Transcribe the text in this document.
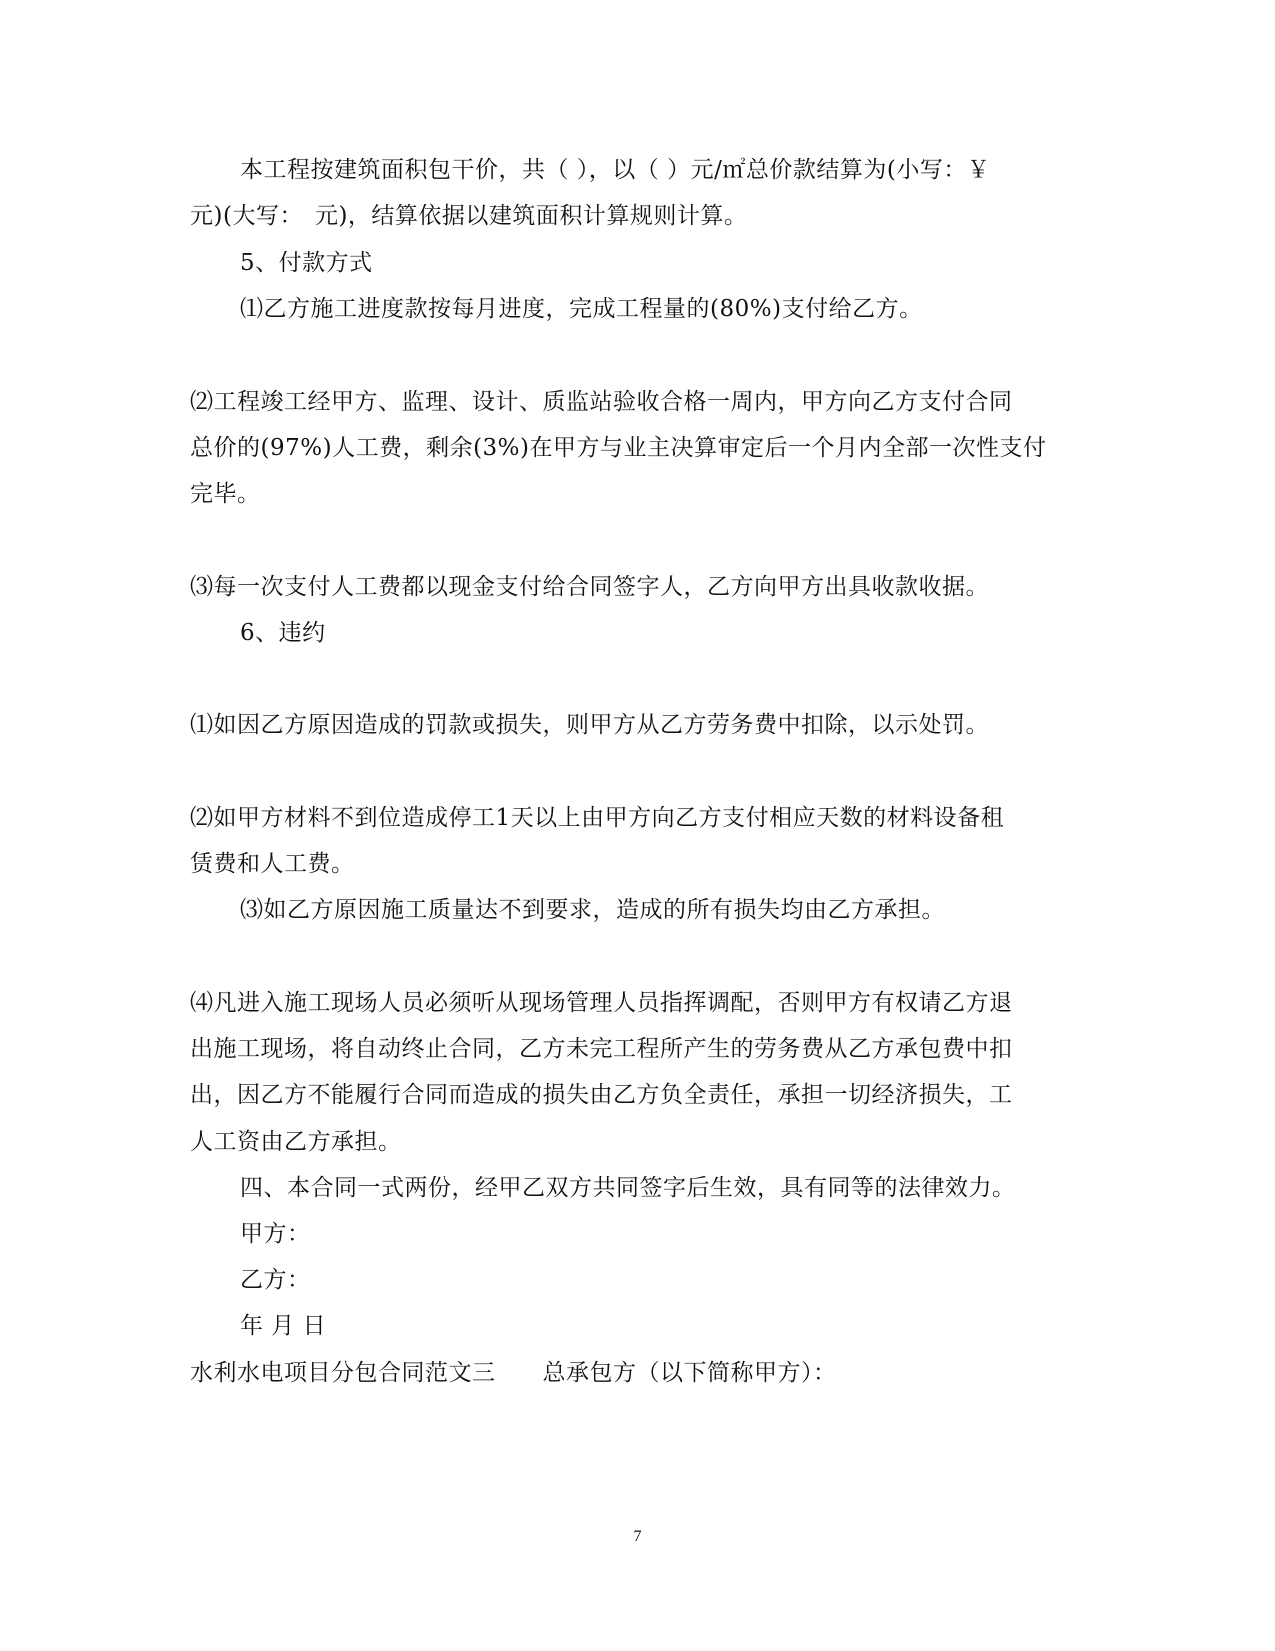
本工程按建筑面积包干价，共（ ），以（ ）元/㎡总价款结算为(小写：￥
元)(大写：　元)，结算依据以建筑面积计算规则计算。
5、付款方式
⑴乙方施工进度款按每月进度，完成工程量的(80%)支付给乙方。
⑵工程竣工经甲方、监理、设计、质监站验收合格一周内，甲方向乙方支付合同
总价的(97%)人工费，剩余(3%)在甲方与业主决算审定后一个月内全部一次性支付
完毕。
⑶每一次支付人工费都以现金支付给合同签字人，乙方向甲方出具收款收据。
6、违约
⑴如因乙方原因造成的罚款或损失，则甲方从乙方劳务费中扣除，以示处罚。
⑵如甲方材料不到位造成停工1天以上由甲方向乙方支付相应天数的材料设备租
赁费和人工费。
⑶如乙方原因施工质量达不到要求，造成的所有损失均由乙方承担。
⑷凡进入施工现场人员必须听从现场管理人员指挥调配，否则甲方有权请乙方退
出施工现场，将自动终止合同，乙方未完工程所产生的劳务费从乙方承包费中扣
出，因乙方不能履行合同而造成的损失由乙方负全责任，承担一切经济损失，工
人工资由乙方承担。
四、本合同一式两份，经甲乙双方共同签字后生效，具有同等的法律效力。
甲方：
乙方：
年 月 日
水利水电项目分包合同范文三　　总承包方（以下简称甲方）：
7
